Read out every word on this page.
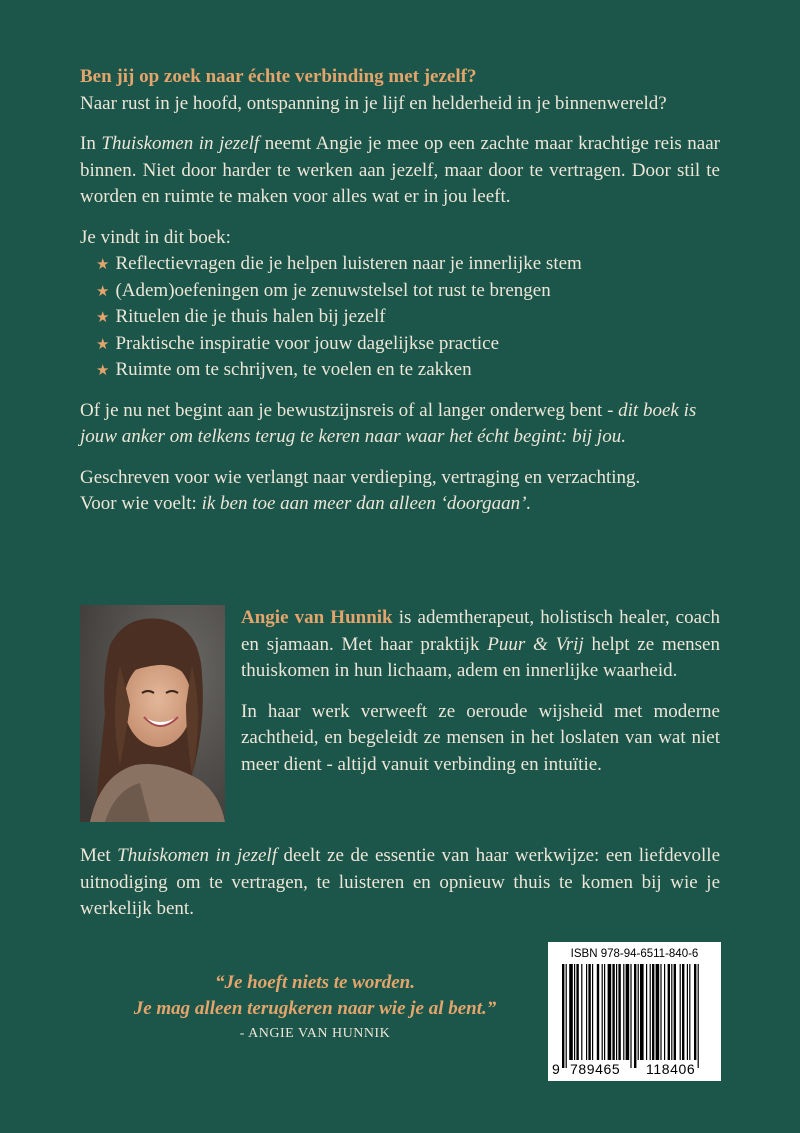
Ben jij op zoek naar échte verbinding met jezelf?

Naar rust in je hoofd, ontspanning in je lijf en helderheid in je binnenwereld?

In Thuiskomen in jezelf neemt Angie je mee op een zachte maar krachtige reis naar binnen. Niet door harder te werken aan jezelf, maar door te vertragen. Door stil te worden en ruimte te maken voor alles wat er in jou leeft.

Je vindt in dit boek:

★ Reflectievragen die je helpen luisteren naar je innerlijke stem
★ (Adem)oefeningen om je zenuwstelsel tot rust te brengen
★ Rituelen die je thuis halen bij jezelf
★ Praktische inspiratie voor jouw dagelijkse practice
★ Ruimte om te schrijven, te voelen en te zakken

Of je nu net begint aan je bewustzijnsreis of al langer onderweg bent - dit boek is jouw anker om telkens terug te keren naar waar het écht begint: bij jou.

Geschreven voor wie verlangt naar verdieping, vertraging en verzachting.
Voor wie voelt: ik ben toe aan meer dan alleen ‘doorgaan’.

Angie van Hunnik is ademtherapeut, holistisch healer, coach en sjamaan. Met haar praktijk Puur & Vrij helpt ze mensen thuiskomen in hun lichaam, adem en innerlijke waarheid.

In haar werk verweeft ze oeroude wijsheid met moderne zachtheid, en begeleidt ze mensen in het loslaten van wat niet meer dient - altijd vanuit verbinding en intuïtie.

Met Thuiskomen in jezelf deelt ze de essentie van haar werkwijze: een liefdevolle uitnodiging om te vertragen, te luisteren en opnieuw thuis te komen bij wie je werkelijk bent.

“Je hoeft niets te worden.
Je mag alleen terugkeren naar wie je al bent.”
- ANGIE VAN HUNNIK
ISBN 978-94-6511-840-6
9 789465 118406
